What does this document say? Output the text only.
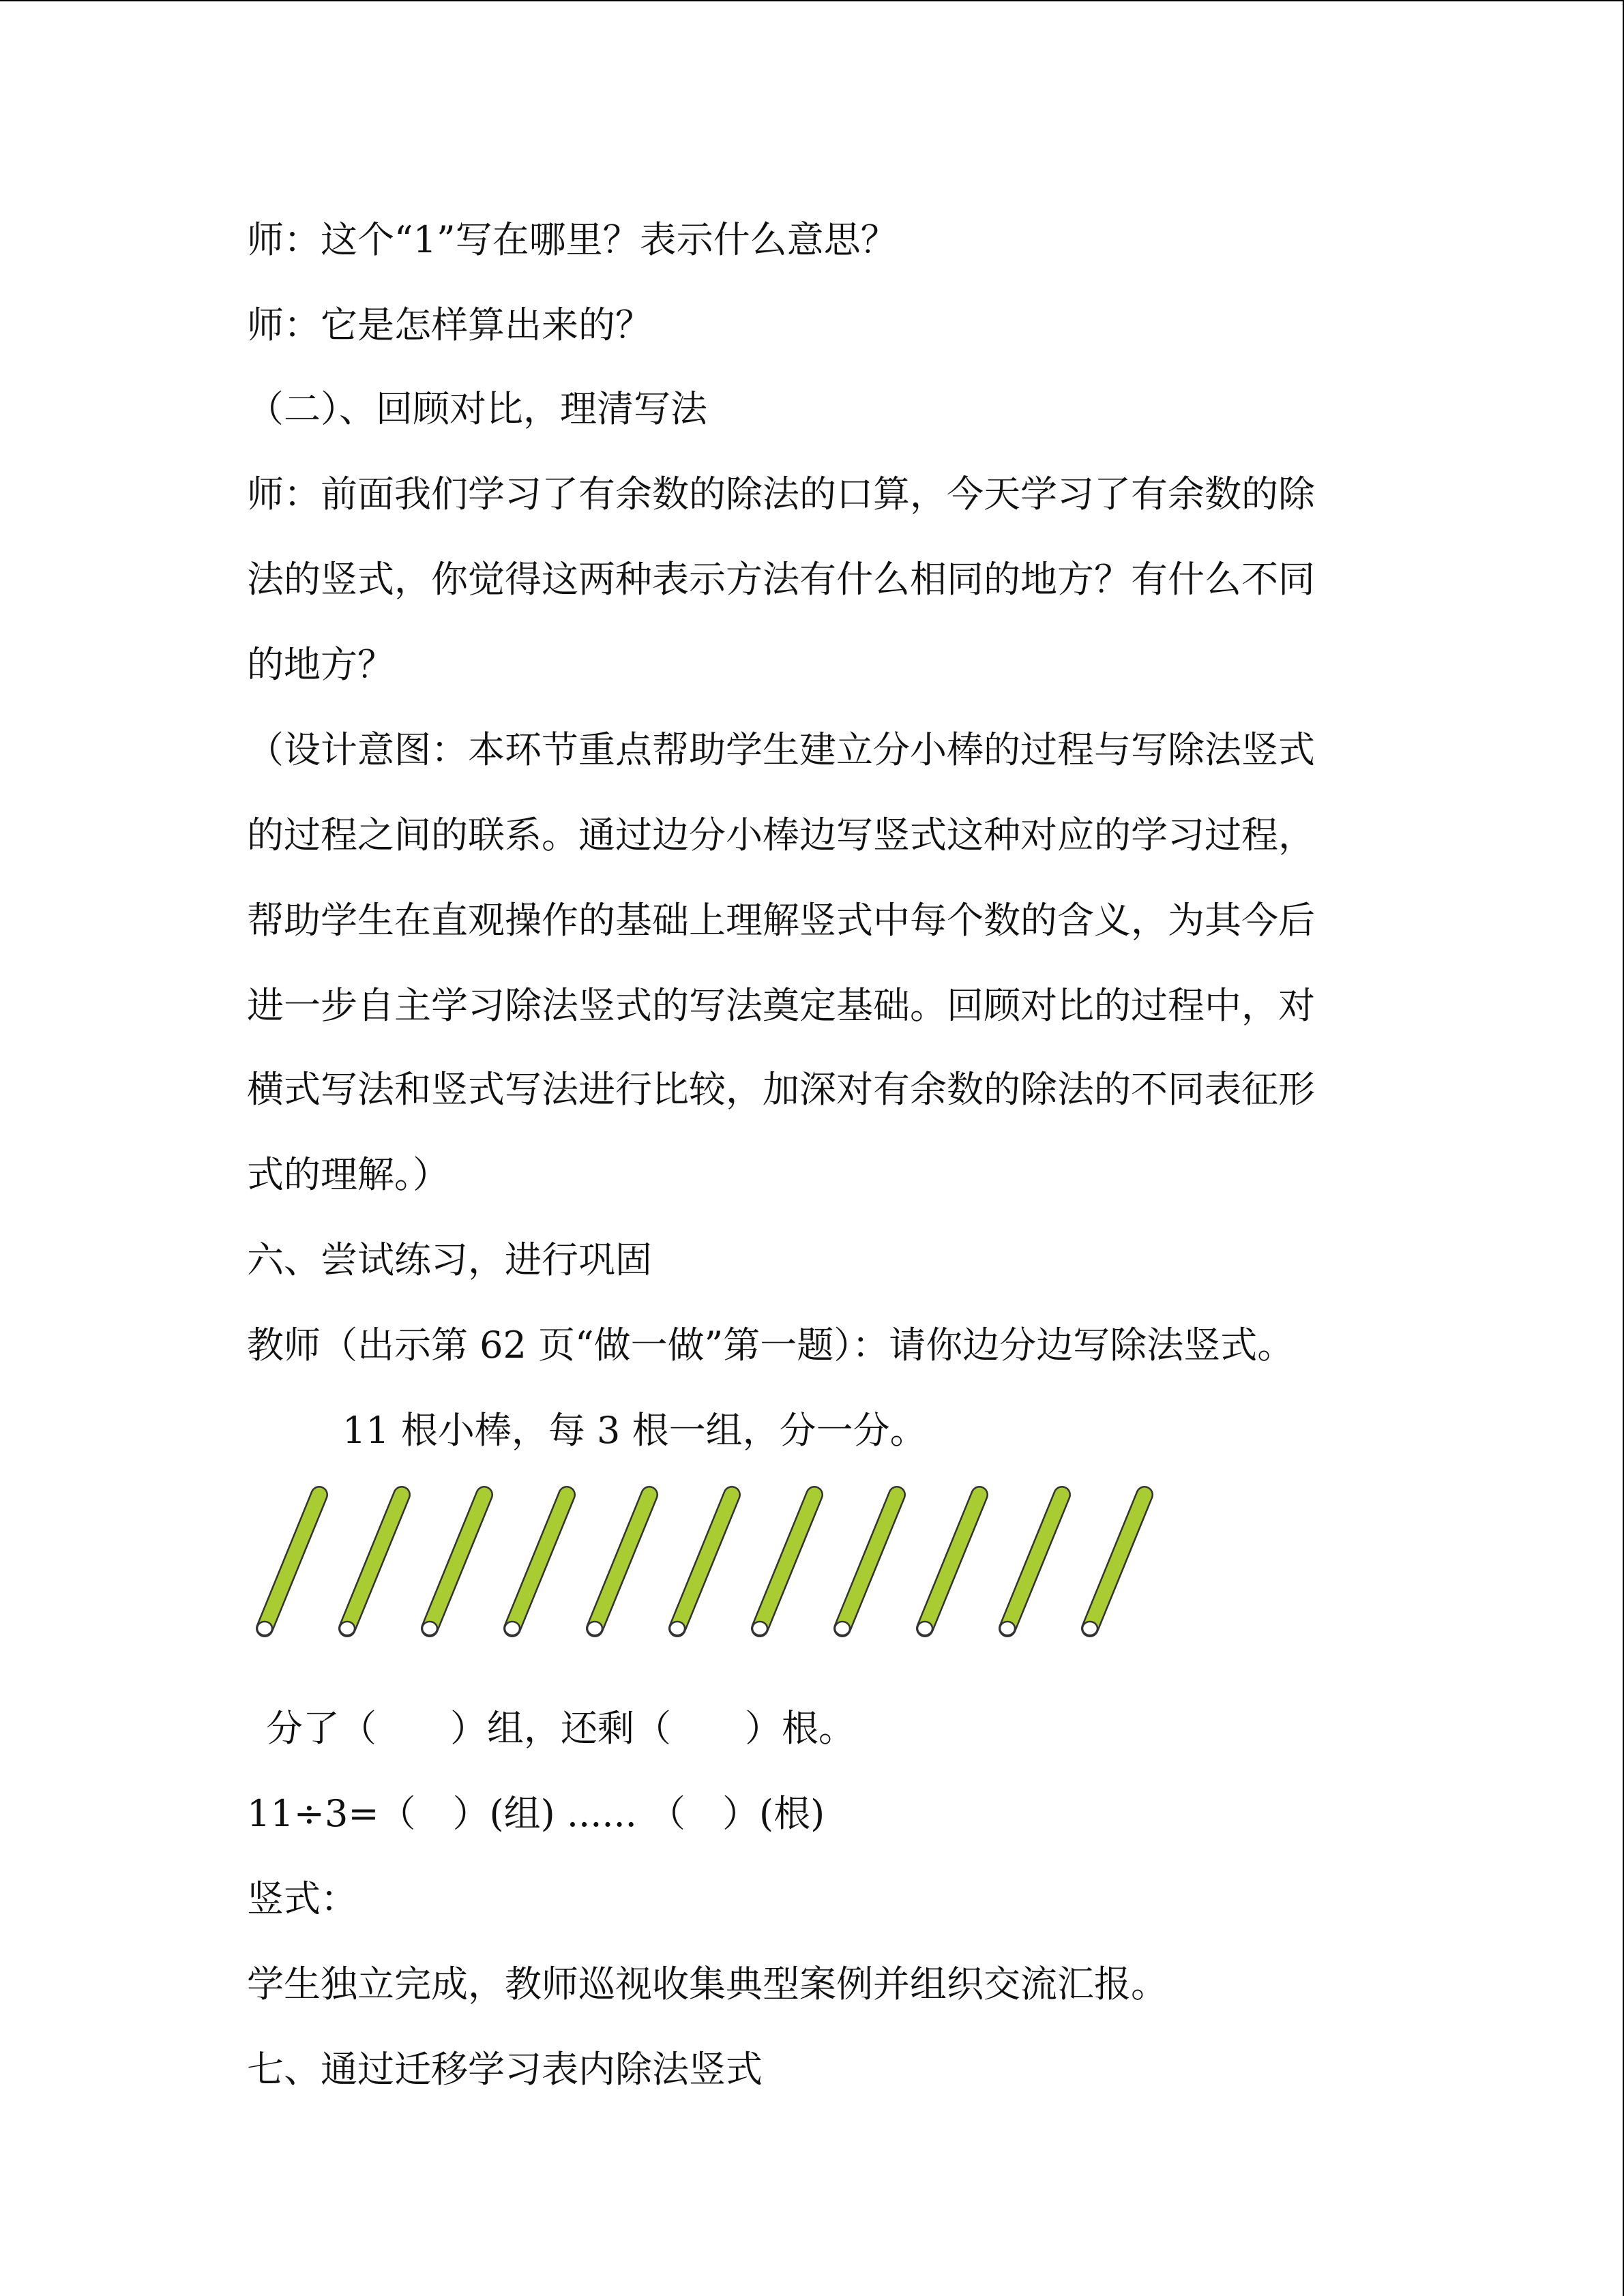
师：这个“1”写在哪里？表示什么意思？
师：它是怎样算出来的？
（二）、回顾对比，理清写法
师：前面我们学习了有余数的除法的口算，今天学习了有余数的除
法的竖式，你觉得这两种表示方法有什么相同的地方？有什么不同
的地方？
（设计意图：本环节重点帮助学生建立分小棒的过程与写除法竖式
的过程之间的联系。通过边分小棒边写竖式这种对应的学习过程，
帮助学生在直观操作的基础上理解竖式中每个数的含义，为其今后
进一步自主学习除法竖式的写法奠定基础。回顾对比的过程中，对
横式写法和竖式写法进行比较，加深对有余数的除法的不同表征形
式的理解。）
六、尝试练习，进行巩固
教师（出示第 62 页“做一做”第一题）：请你边分边写除法竖式。
11 根小棒，每 3 根一组，分一分。
分了（　　）组，还剩（　　）根。
11÷3=（　）(组) ...... （　）(根)
竖式：
学生独立完成，教师巡视收集典型案例并组织交流汇报。
七、通过迁移学习表内除法竖式
